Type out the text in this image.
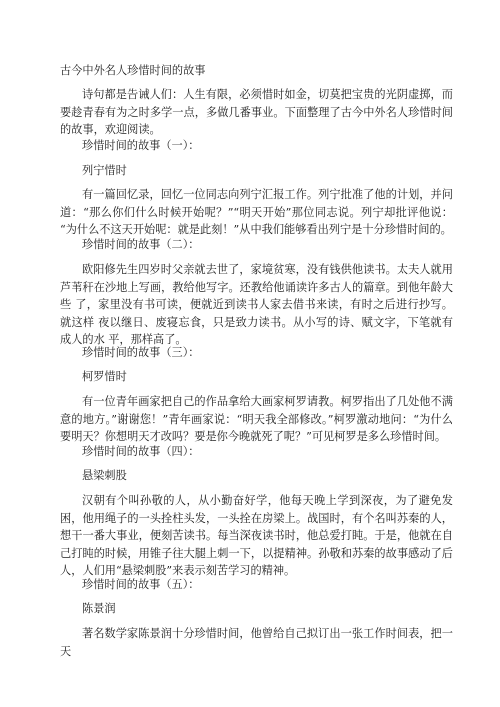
古今中外名人珍惜时间的故事
诗句都是告诫人们：人生有限，必须惜时如金，切莫把宝贵的光阴虚掷，而要趁青春有为之时多学一点，多做几番事业。下面整理了古今中外名人珍惜时间的故事，欢迎阅读。
珍惜时间的故事（一）：
列宁惜时
有一篇回忆录，回忆一位同志向列宁汇报工作。列宁批准了他的计划，并问 道：“那么你们什么时候开始呢？”“明天开始”那位同志说。列宁却批评他说： “为什么不这天开始呢：就是此刻！”从中我们能够看出列宁是十分珍惜时间的。
珍惜时间的故事（二）：
欧阳修先生四岁时父亲就去世了，家境贫寒，没有钱供他读书。太夫人就用芦苇秆在沙地上写画，教给他写字。还教给他诵读许多古人的篇章。到他年龄大些 了，家里没有书可读，便就近到读书人家去借书来读，有时之后进行抄写。就这样 夜以继日、废寝忘食，只是致力读书。从小写的诗、赋文字，下笔就有成人的水 平，那样高了。
珍惜时间的故事（三）：
柯罗惜时
有一位青年画家把自己的作品拿给大画家柯罗请教。柯罗指出了几处他不满意的地方。”谢谢您！”青年画家说：“明天我全部修改。”柯罗激动地问：“为什么要明天？你想明天才改吗？要是你今晚就死了呢？”可见柯罗是多么珍惜时间。
珍惜时间的故事（四）：
悬梁刺股
汉朝有个叫孙敬的人，从小勤奋好学，他每天晚上学到深夜，为了避免发困，他用绳子的一头拴柱头发，一头拴在房梁上。战国时，有个名叫苏秦的人，想干一番大事业，便刻苦读书。每当深夜读书时，他总爱打盹。于是，他就在自己打盹的时候，用锥子往大腿上刺一下，以提精神。孙敬和苏秦的故事感动了后人，人们用“悬梁刺股”来表示刻苦学习的精神。
珍惜时间的故事（五）：
陈景润
著名数学家陈景润十分珍惜时间，他曾给自己拟订出一张工作时间表，把一天
